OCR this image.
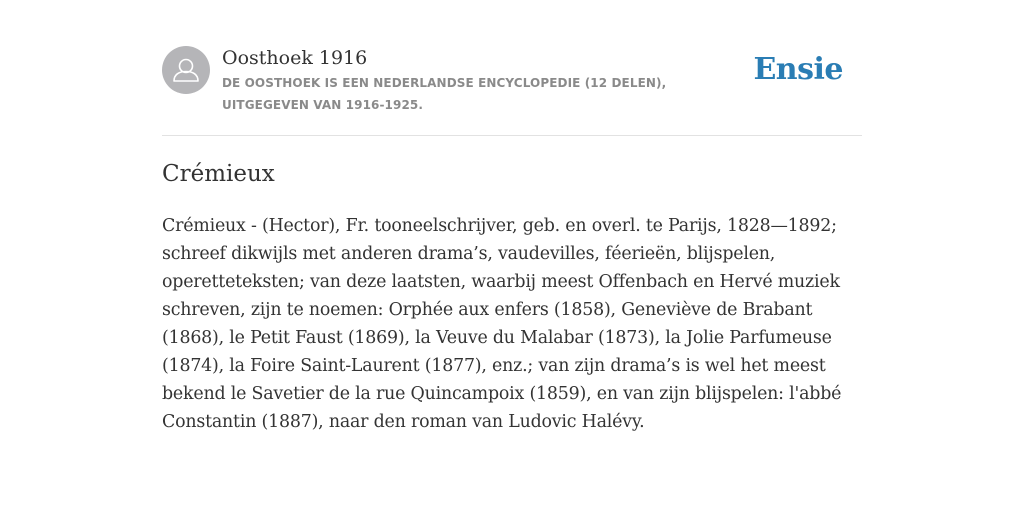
Oosthoek 1916
DE OOSTHOEK IS EEN NEDERLANDSE ENCYCLOPEDIE (12 DELEN), UITGEGEVEN VAN 1916-1925.
Ensie
Crémieux

Crémieux - (Hector), Fr. tooneelschrijver, geb. en overl. te Parijs, 1828—1892; schreef dikwijls met anderen drama’s, vaudevilles, féerieën, blijspelen, operetteteksten; van deze laatsten, waarbij meest Offenbach en Hervé muziek schreven, zijn te noemen: Orphée aux enfers (1858), Geneviève de Brabant (1868), le Petit Faust (1869), la Veuve du Malabar (1873), la Jolie Parfumeuse (1874), la Foire Saint-Laurent (1877), enz.; van zijn drama’s is wel het meest bekend le Savetier de la rue Quincampoix (1859), en van zijn blijspelen: l'abbé Constantin (1887), naar den roman van Ludovic Halévy.
